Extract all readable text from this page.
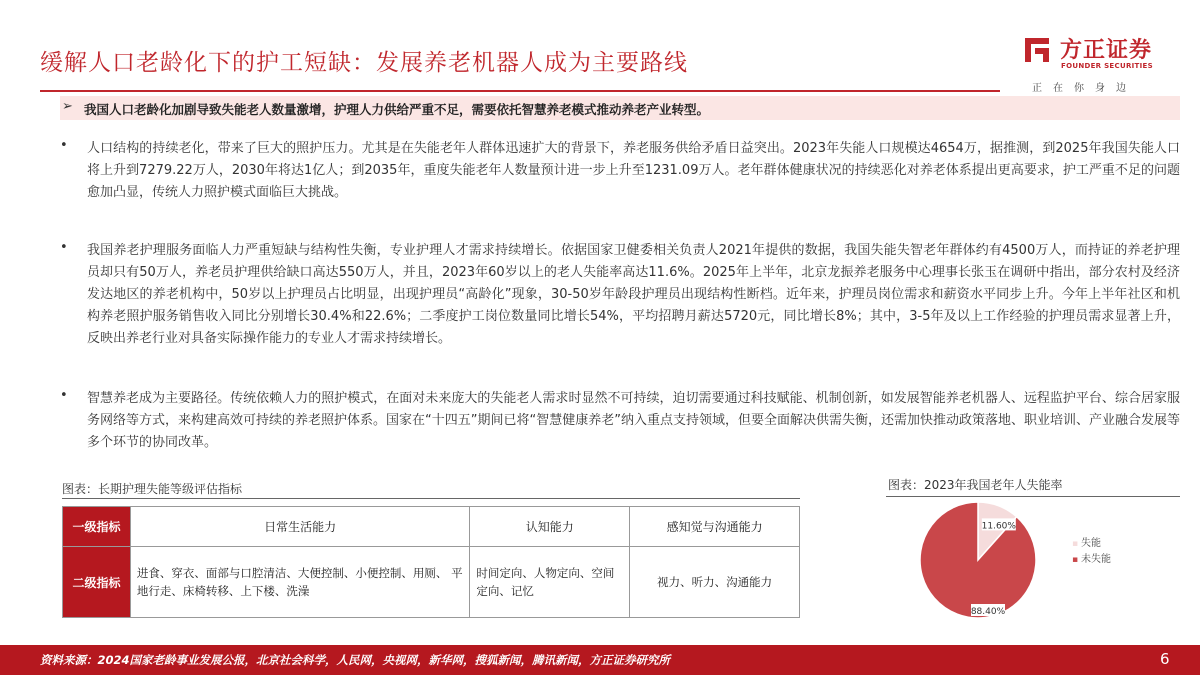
缓解人口老龄化下的护工短缺：发展养老机器人成为主要路线	方正证券
FOUNDER SECURITIES
正在你身边
➢ 我国人口老龄化加剧导致失能老人数量激增，护理人力供给严重不足，需要依托智慧养老模式推动养老产业转型。
• 人口结构的持续老化，带来了巨大的照护压力。尤其是在失能老年人群体迅速扩大的背景下，养老服务供给矛盾日益突出。2023年失能人口规模达4654万，据推测，到2025年我国失能人口将上升到7279.22万人，2030年将达1亿人；到2035年，重度失能老年人数量预计进一步上升至1231.09万人。老年群体健康状况的持续恶化对养老体系提出更高要求，护工严重不足的问题愈加凸显，传统人力照护模式面临巨大挑战。
• 我国养老护理服务面临人力严重短缺与结构性失衡，专业护理人才需求持续增长。依据国家卫健委相关负责人2021年提供的数据，我国失能失智老年群体约有4500万人，而持证的养老护理员却只有50万人，养老员护理供给缺口高达550万人，并且，2023年60岁以上的老人失能率高达11.6%。2025年上半年，北京龙振养老服务中心理事长张玉在调研中指出，部分农村及经济发达地区的养老机构中，50岁以上护理员占比明显，出现护理员“高龄化”现象，30-50岁年龄段护理员出现结构性断档。近年来，护理员岗位需求和薪资水平同步上升。今年上半年社区和机构养老照护服务销售收入同比分别增长30.4%和22.6%；二季度护工岗位数量同比增长54%，平均招聘月薪达5720元，同比增长8%；其中，3-5年及以上工作经验的护理员需求显著上升，反映出养老行业对具备实际操作能力的专业人才需求持续增长。
• 智慧养老成为主要路径。传统依赖人力的照护模式，在面对未来庞大的失能老人需求时显然不可持续，迫切需要通过科技赋能、机制创新，如发展智能养老机器人、远程监护平台、综合居家服务网络等方式，来构建高效可持续的养老照护体系。国家在“十四五”期间已将“智慧健康养老”纳入重点支持领域，但要全面解决供需失衡，还需加快推动政策落地、职业培训、产业融合发展等多个环节的协同改革。
图表：长期护理失能等级评估指标
一级指标	日常生活能力	认知能力	感知觉与沟通能力
二级指标	进食、穿衣、面部与口腔清洁、大便控制、小便控制、用厕、 平地行走、床椅转移、上下楼、洗澡	时间定向、人物定向、空间定向、记忆	视力、听力、沟通能力
图表：2023年我国老年人失能率
11.60%
88.40%
▪ 失能
▪ 未失能
资料来源：2024国家老龄事业发展公报，北京社会科学，人民网，央视网，新华网，搜狐新闻，腾讯新闻，方正证券研究所	6
